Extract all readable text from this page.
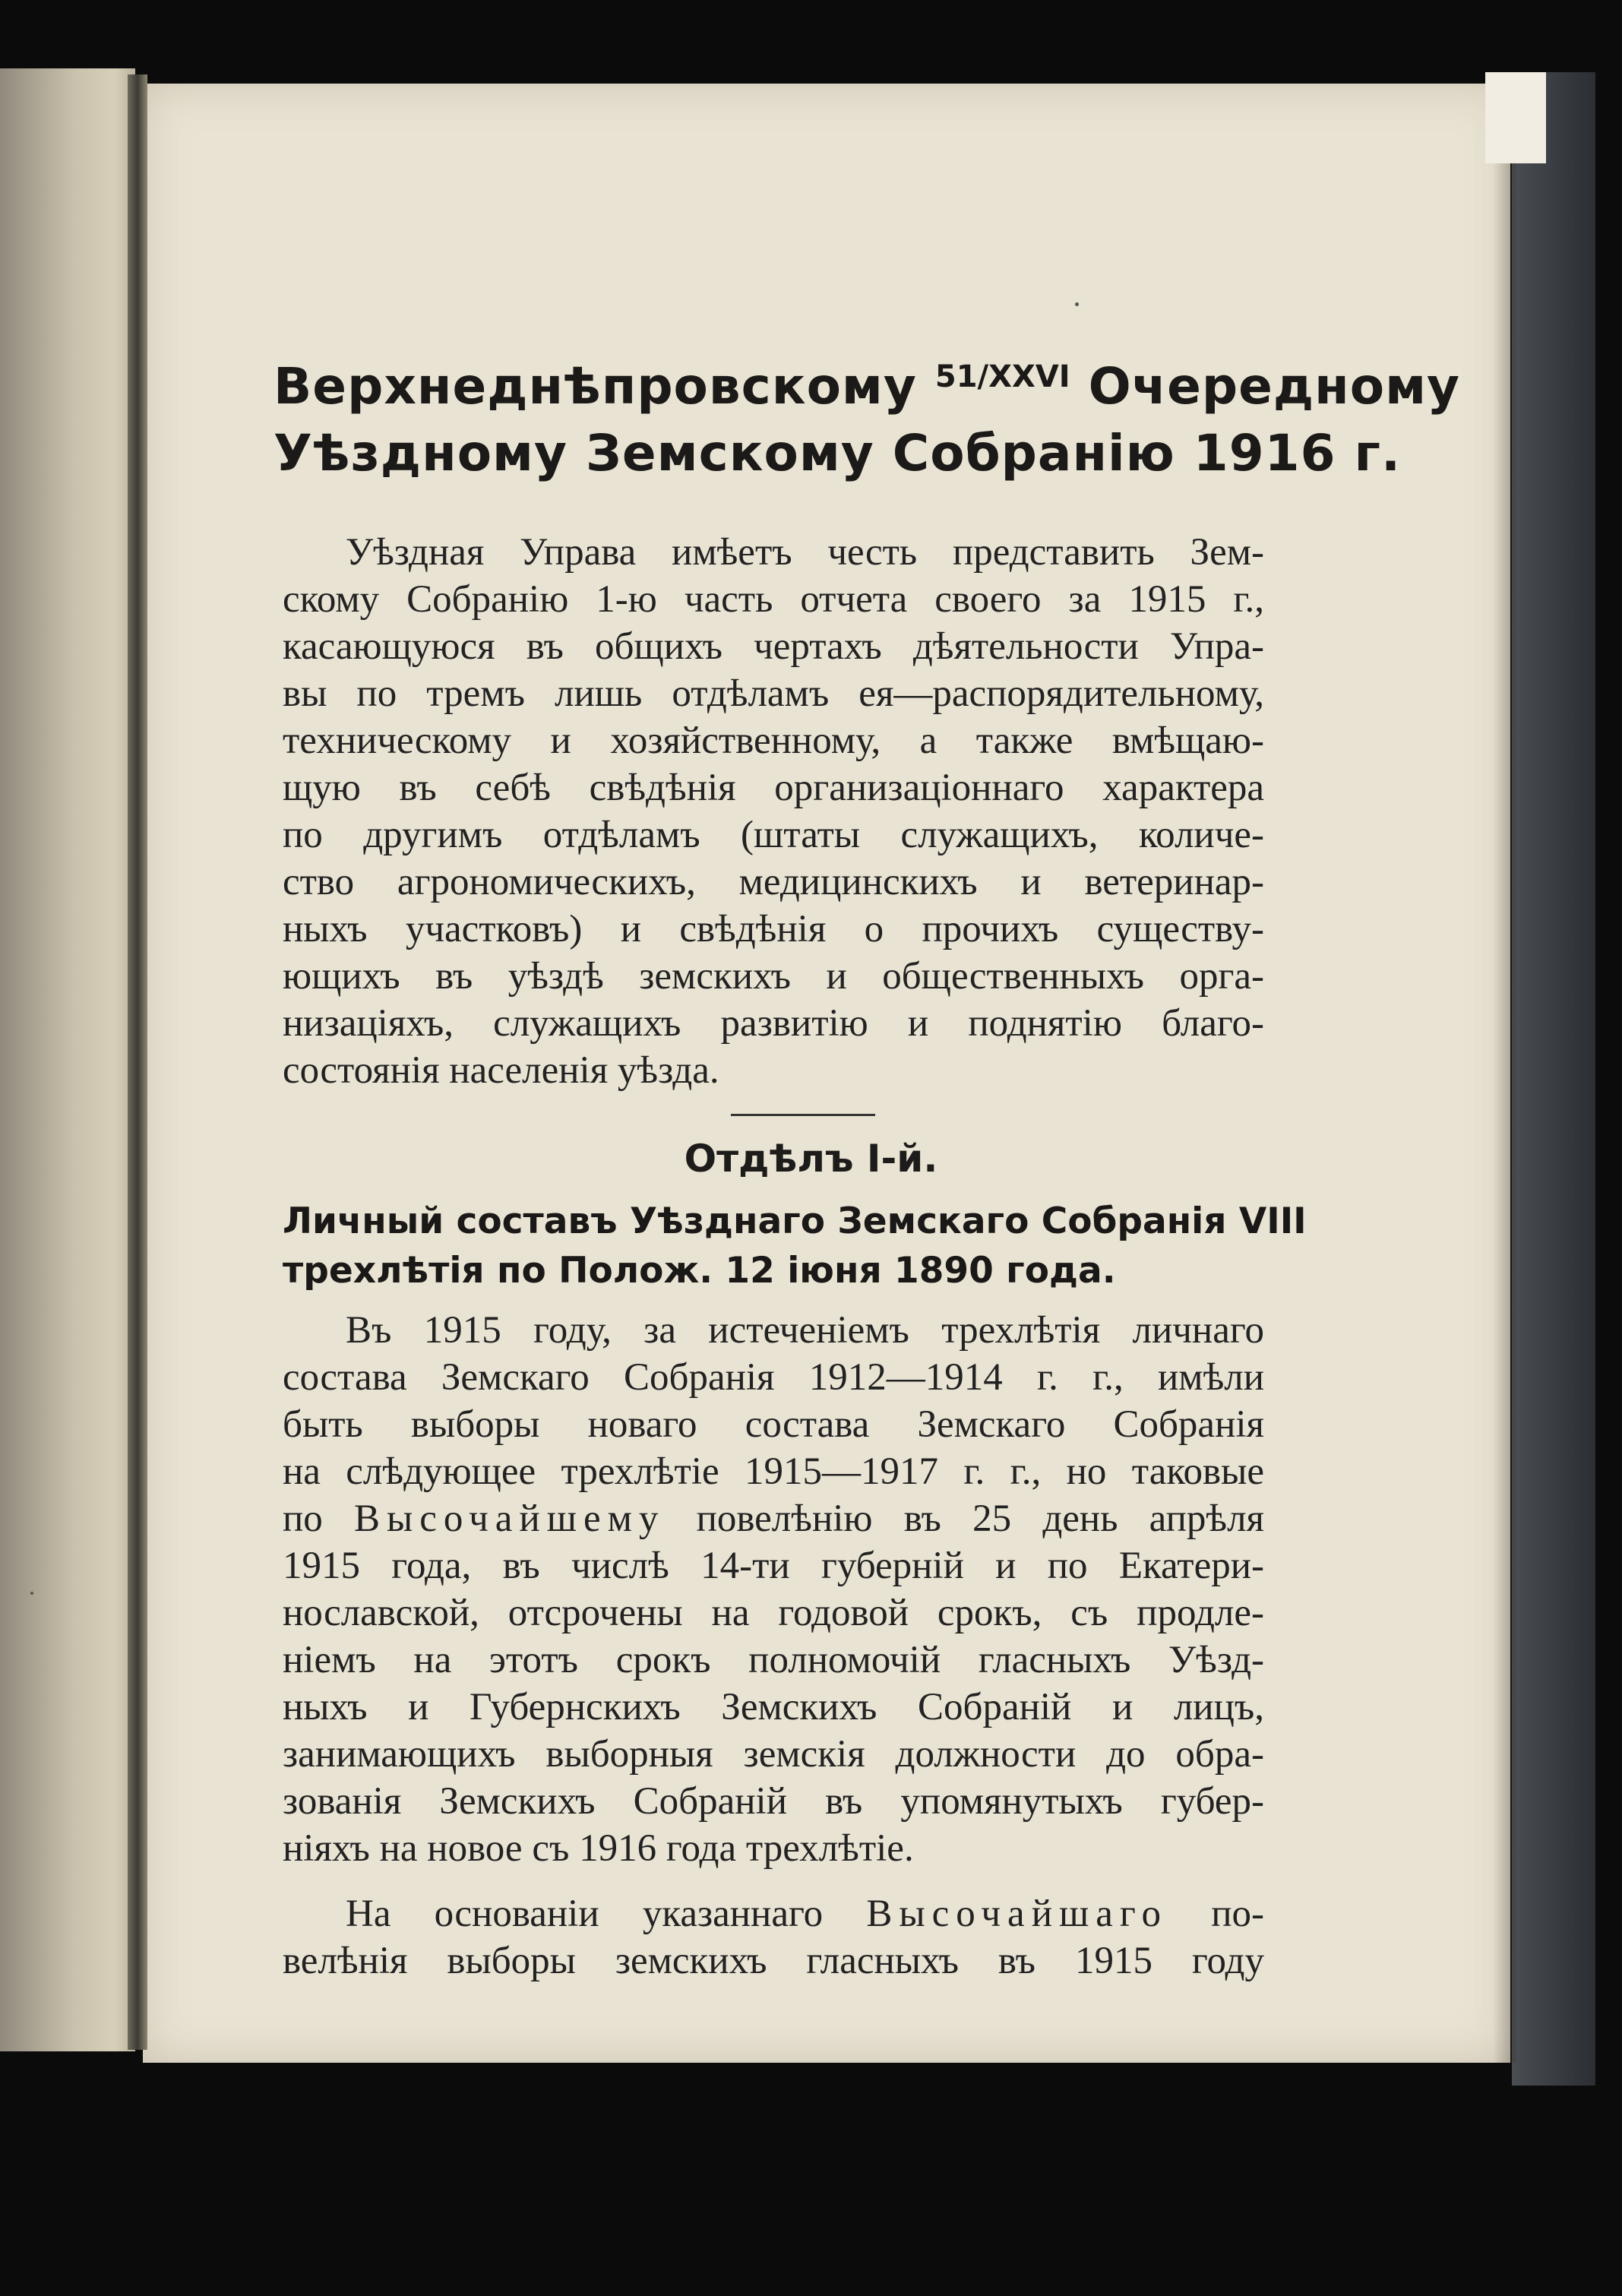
Верхнеднѣпровскому $^{51/XXVI}$ Очередному
Уѣздному Земскому Собранію 1916 г.
Уѣздная Управа имѣетъ честь представить Зем-
скому Собранію 1-ю часть отчета своего за 1915 г.,
касающуюся въ общихъ чертахъ дѣятельности Упра-
вы по тремъ лишь отдѣламъ ея—распорядительному,
техническому и хозяйственному, а также вмѣщаю-
щую въ себѣ свѣдѣнія организаціоннаго характера
по другимъ отдѣламъ (штаты служащихъ, количе-
ство агрономическихъ, медицинскихъ и ветеринар-
ныхъ участковъ) и свѣдѣнія о прочихъ существу-
ющихъ въ уѣздѣ земскихъ и общественныхъ орга-
низаціяхъ, служащихъ развитію и поднятію благо-
состоянія населенія уѣзда.
Отдѣлъ I-й.
Личный составъ Уѣзднаго Земскаго Собранія VIII
трехлѣтія по Полож. 12 іюня 1890 года.
Въ 1915 году, за истеченіемъ трехлѣтія личнаго
состава Земскаго Собранія 1912—1914 г. г., имѣли
быть выборы новаго состава Земскаго Собранія
на слѣдующее трехлѣтіе 1915—1917 г. г., но таковые
по Высочайшему повелѣнію въ 25 день апрѣля
1915 года, въ числѣ 14-ти губерній и по Екатери-
нославской, отсрочены на годовой срокъ, съ продле-
ніемъ на этотъ срокъ полномочій гласныхъ Уѣзд-
ныхъ и Губернскихъ Земскихъ Собраній и лицъ,
занимающихъ выборныя земскія должности до обра-
зованія Земскихъ Собраній въ упомянутыхъ губер-
ніяхъ на новое съ 1916 года трехлѣтіе.
На основаніи указаннаго Высочайшаго по-
велѣнія выборы земскихъ гласныхъ въ 1915 году
